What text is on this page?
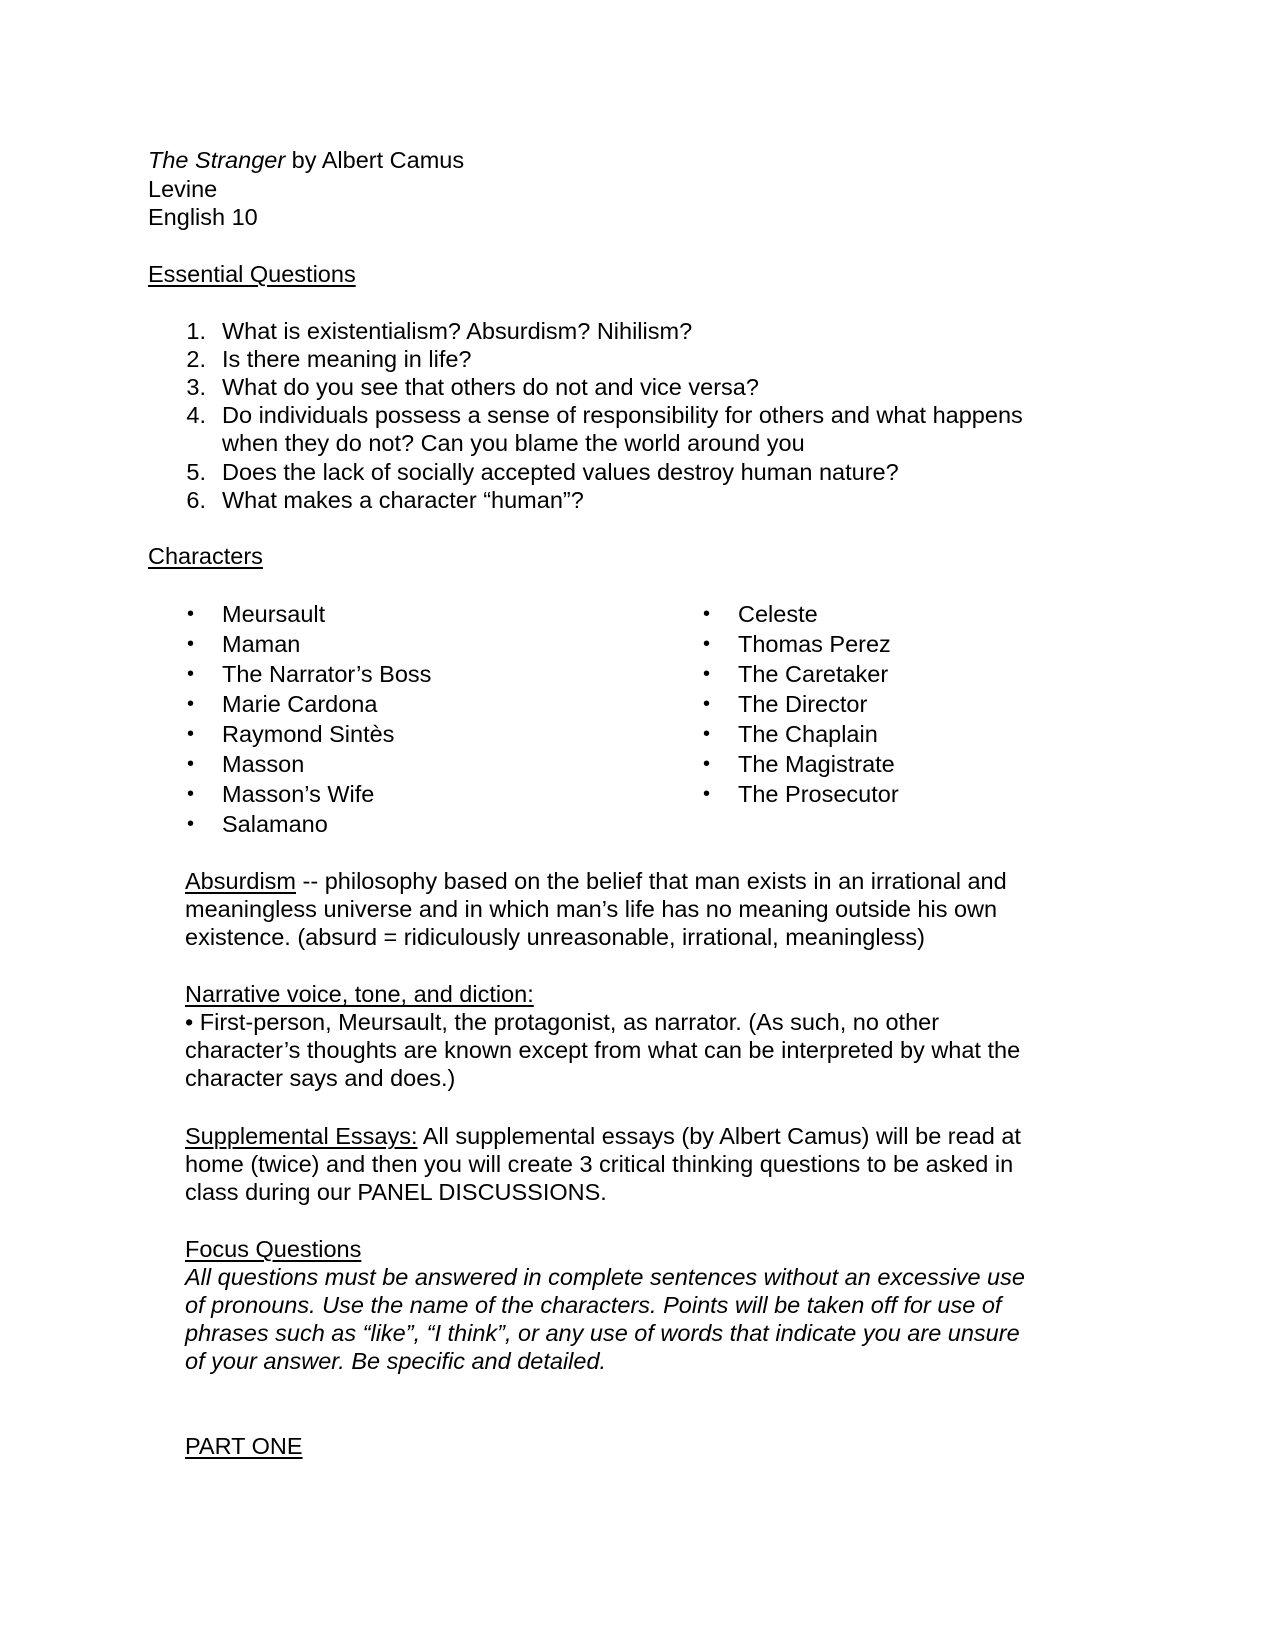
The Stranger by Albert Camus
Levine
English 10
Essential Questions
1. What is existentialism? Absurdism? Nihilism?
2. Is there meaning in life?
3. What do you see that others do not and vice versa?
4. Do individuals possess a sense of responsibility for others and what happens
when they do not? Can you blame the world around you
5. Does the lack of socially accepted values destroy human nature?
6. What makes a character “human”?
Characters
• Meursault
• Maman
• The Narrator’s Boss
• Marie Cardona
• Raymond Sintès
• Masson
• Masson’s Wife
• Salamano
• Celeste
• Thomas Perez
• The Caretaker
• The Director
• The Chaplain
• The Magistrate
• The Prosecutor
Absurdism -- philosophy based on the belief that man exists in an irrational and
meaningless universe and in which man’s life has no meaning outside his own
existence. (absurd = ridiculously unreasonable, irrational, meaningless)
Narrative voice, tone, and diction:
• First-person, Meursault, the protagonist, as narrator. (As such, no other
character’s thoughts are known except from what can be interpreted by what the
character says and does.)
Supplemental Essays: All supplemental essays (by Albert Camus) will be read at
home (twice) and then you will create 3 critical thinking questions to be asked in
class during our PANEL DISCUSSIONS.
Focus Questions
All questions must be answered in complete sentences without an excessive use
of pronouns. Use the name of the characters. Points will be taken off for use of
phrases such as “like”, “I think”, or any use of words that indicate you are unsure
of your answer. Be specific and detailed.
PART ONE
